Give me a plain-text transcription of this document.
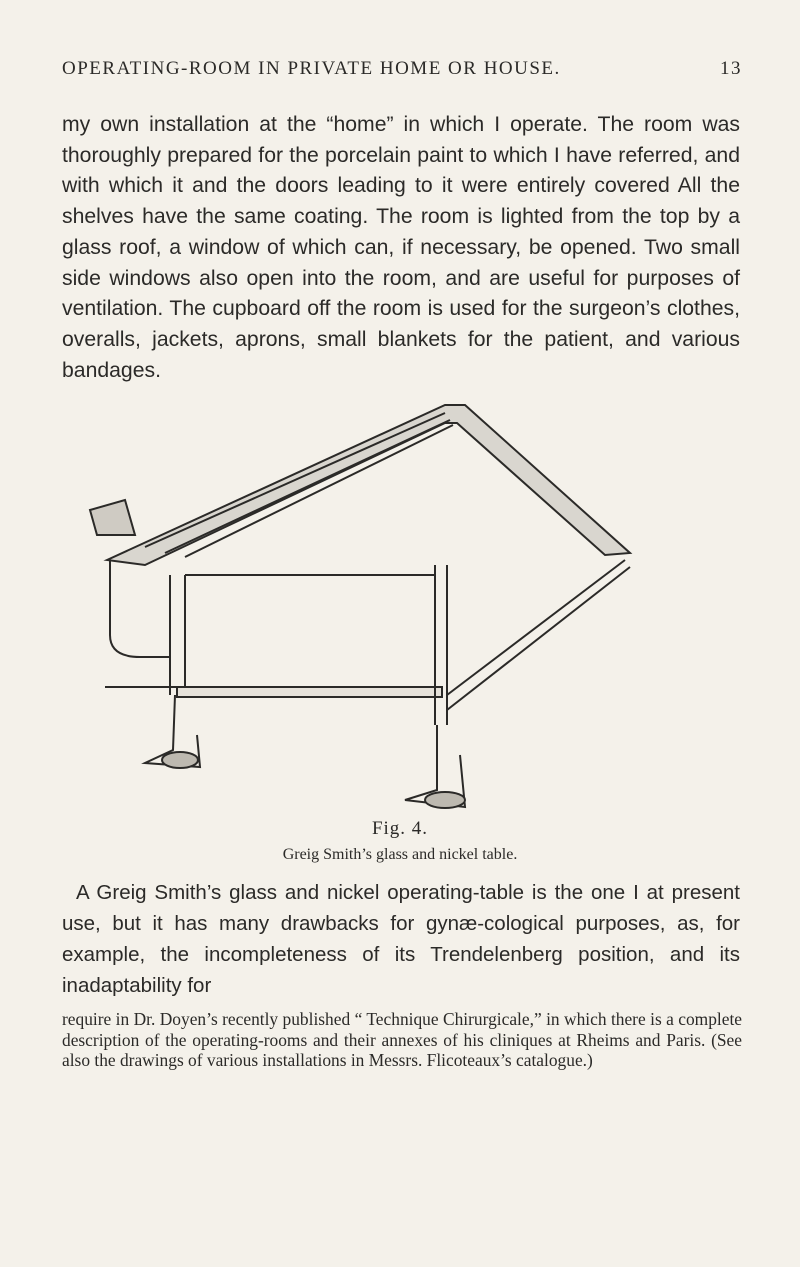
OPERATING-ROOM IN PRIVATE HOME OR HOUSE.	13

my own installation at the “home” in which I operate. The room was thoroughly prepared for the porcelain paint to which I have referred, and with which it and the doors leading to it were entirely covered All the shelves have the same coating. The room is lighted from the top by a glass roof, a window of which can, if necessary, be opened. Two small side windows also open into the room, and are useful for purposes of ventilation. The cupboard off the room is used for the surgeon’s clothes, overalls, jackets, aprons, small blankets for the patient, and various bandages.

Fig. 4.
Greig Smith’s glass and nickel table.

A Greig Smith’s glass and nickel operating-table is the one I at present use, but it has many drawbacks for gynæ-cological purposes, as, for example, the incompleteness of its Trendelenberg position, and its inadaptability for

require in Dr. Doyen’s recently published “ Technique Chirurgicale,” in which there is a complete description of the operating-rooms and their annexes of his cliniques at Rheims and Paris. (See also the drawings of various installations in Messrs. Flicoteaux’s catalogue.)
